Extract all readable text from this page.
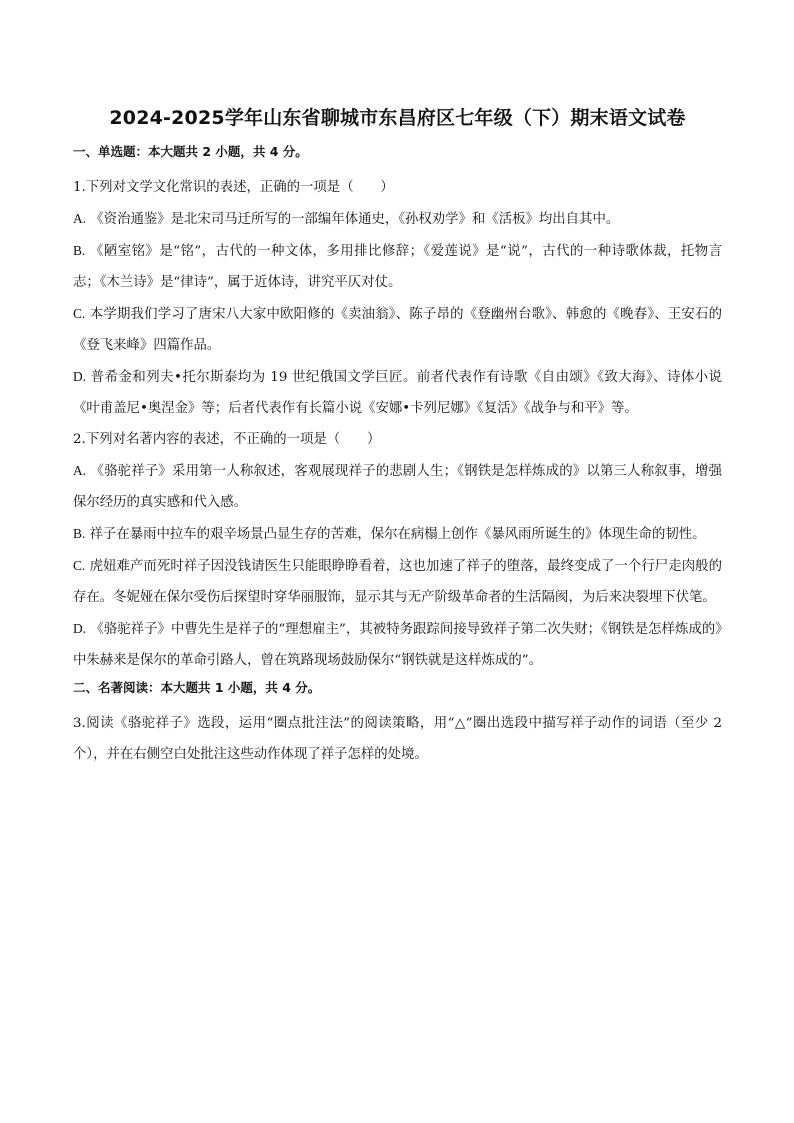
2024-2025学年山东省聊城市东昌府区七年级（下）期末语文试卷
一、单选题：本大题共 2 小题，共 4 分。

1.下列对文学文化常识的表述，正确的一项是（　　）

A. 《资治通鉴》是北宋司马迁所写的一部编年体通史，《孙权劝学》和《活板》均出自其中。

B. 《陋室铭》是“铭”，古代的一种文体，多用排比修辞；《爱莲说》是“说”，古代的一种诗歌体裁，托物言志；《木兰诗》是“律诗”，属于近体诗，讲究平仄对仗。

C. 本学期我们学习了唐宋八大家中欧阳修的《卖油翁》、陈子昂的《登幽州台歌》、韩愈的《晚春》、王安石的《登飞来峰》四篇作品。

D. 普希金和列夫•托尔斯泰均为 19 世纪俄国文学巨匠。前者代表作有诗歌《自由颂》《致大海》、诗体小说《叶甫盖尼•奥涅金》等；后者代表作有长篇小说《安娜•卡列尼娜》《复活》《战争与和平》等。

2.下列对名著内容的表述，不正确的一项是（　　）

A. 《骆驼祥子》采用第一人称叙述，客观展现祥子的悲剧人生；《钢铁是怎样炼成的》以第三人称叙事，增强保尔经历的真实感和代入感。

B. 祥子在暴雨中拉车的艰辛场景凸显生存的苦难，保尔在病榻上创作《暴风雨所诞生的》体现生命的韧性。

C. 虎妞难产而死时祥子因没钱请医生只能眼睁睁看着，这也加速了祥子的堕落，最终变成了一个行尸走肉般的存在。冬妮娅在保尔受伤后探望时穿华丽服饰，显示其与无产阶级革命者的生活隔阂，为后来决裂埋下伏笔。

D. 《骆驼祥子》中曹先生是祥子的“理想雇主”，其被特务跟踪间接导致祥子第二次失财；《钢铁是怎样炼成的》中朱赫来是保尔的革命引路人，曾在筑路现场鼓励保尔“钢铁就是这样炼成的”。

二、名著阅读：本大题共 1 小题，共 4 分。

3.阅读《骆驼祥子》选段，运用“圈点批注法”的阅读策略，用“△”圈出选段中描写祥子动作的词语（至少 2 个），并在右侧空白处批注这些动作体现了祥子怎样的处境。
